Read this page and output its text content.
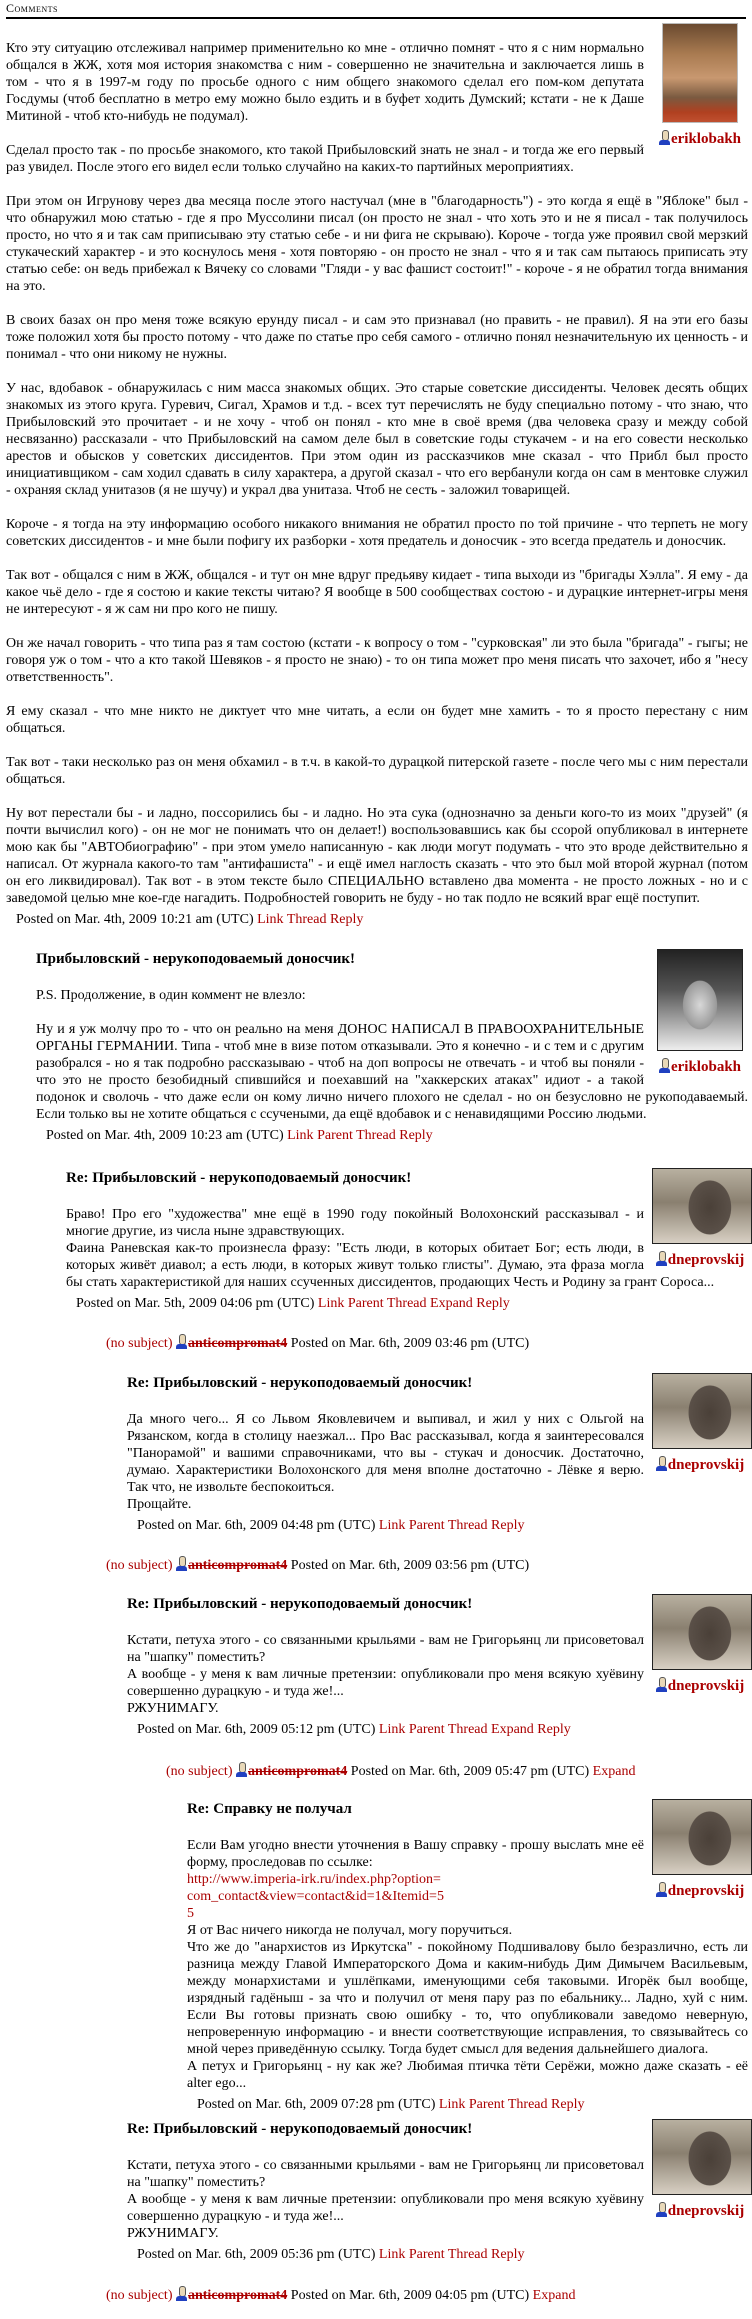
Comments
eriklobakh
Кто эту ситуацию отслеживал например применительно ко мне - отлично помнят - что я с ним нормально общался в ЖЖ, хотя моя история знакомства с ним - совершенно не значительна и заключается лишь в том - что я в 1997-м году по просьбе одного с ним общего знакомого сделал его пом-ком депутата Госдумы (чтоб бесплатно в метро ему можно было ездить и в буфет ходить Думский; кстати - не к Даше Митиной - чтоб кто-нибудь не подумал).

Сделал просто так - по просьбе знакомого, кто такой Прибыловский знать не знал - и тогда же его первый раз увидел. После этого его видел если только случайно на каких-то партийных мероприятиях.

При этом он Игрунову через два месяца после этого настучал (мне в "благодарность") - это когда я ещё в "Яблоке" был - что обнаружил мою статью - где я про Муссолини писал (он просто не знал - что хоть это и не я писал - так получилось просто, но что я и так сам приписываю эту статью себе - и ни фига не скрываю). Короче - тогда уже проявил свой мерзкий стукаческий характер - и это коснулось меня - хотя повторяю - он просто не знал - что я и так сам пытаюсь приписать эту статью себе: он ведь прибежал к Вячеку со словами "Гляди - у вас фашист состоит!" - короче - я не обратил тогда внимания на это.

В своих базах он про меня тоже всякую ерунду писал - и сам это признавал (но править - не правил). Я на эти его базы тоже положил хотя бы просто потому - что даже по статье про себя самого - отлично понял незначительную их ценность - и понимал - что они никому не нужны.

У нас, вдобавок - обнаружилась с ним масса знакомых общих. Это старые советские диссиденты. Человек десять общих знакомых из этого круга. Гуревич, Сигал, Храмов и т.д. - всех тут перечислять не буду специально потому - что знаю, что Прибыловский это прочитает - и не хочу - чтоб он понял - кто мне в своё время (два человека сразу и между собой несвязанно) рассказали - что Прибыловский на самом деле был в советские годы стукачем - и на его совести несколько арестов и обысков у советских диссидентов. При этом один из рассказчиков мне сказал - что Прибл был просто инициативщиком - сам ходил сдавать в силу характера, а другой сказал - что его вербанули когда он сам в ментовке служил - охраняя склад унитазов (я не шучу) и украл два унитаза. Чтоб не сесть - заложил товарищей.

Короче - я тогда на эту информацию особого никакого внимания не обратил просто по той причине - что терпеть не могу советских диссидентов - и мне были пофигу их разборки - хотя предатель и доносчик - это всегда предатель и доносчик.

Так вот - общался с ним в ЖЖ, общался - и тут он мне вдруг предьяву кидает - типа выходи из "бригады Хэлла". Я ему - да какое чьё дело - где я состою и какие тексты читаю? Я вообще в 500 сообществах состою - и дурацкие интернет-игры меня не интересуют - я ж сам ни про кого не пишу.

Он же начал говорить - что типа раз я там состою (кстати - к вопросу о том - "сурковская" ли это была "бригада" - гыгы; не говоря уж о том - что а кто такой Шевяков - я просто не знаю) - то он типа может про меня писать что захочет, ибо я "несу ответственность".

Я ему сказал - что мне никто не диктует что мне читать, а если он будет мне хамить - то я просто перестану с ним общаться.

Так вот - таки несколько раз он меня обхамил - в т.ч. в какой-то дурацкой питерской газете - после чего мы с ним перестали общаться.

Ну вот перестали бы - и ладно, поссорились бы - и ладно. Но эта сука (однозначно за деньги кого-то из моих "друзей" (я почти вычислил кого) - он не мог не понимать что он делает!) воспользовавшись как бы ссорой опубликовал в интернете мою как бы "АВТОбиографию" - при этом умело написанную - как люди могут подумать - что это вроде действительно я написал. От журнала какого-то там "антифашиста" - и ещё имел наглость сказать - что это был мой второй журнал (потом он его ликвидировал). Так вот - в этом тексте было СПЕЦИАЛЬНО вставлено два момента - не просто ложных - но и с заведомой целью мне кое-где нагадить. Подробностей говорить не буду - но так подло не всякий враг ещё поступит.
Posted on Mar. 4th, 2009 10:21 am (UTC) Link Thread Reply
eriklobakh
Прибыловский - нерукоподоваемый доносчик!
P.S. Продолжение, в один коммент не влезло:

Ну и я уж молчу про то - что он реально на меня ДОНОС НАПИСАЛ В ПРАВООХРАНИТЕЛЬНЫЕ ОРГАНЫ ГЕРМАНИИ. Типа - чтоб мне в визе потом отказывали. Это я конечно - и с тем и с другим разобрался - но я так подробно рассказываю - чтоб на доп вопросы не отвечать - и чтоб вы поняли - что это не просто безобидный спившийся и поехавший на "хаккерских атаках" идиот - а такой подонок и сволочь - что даже если он кому лично ничего плохого не сделал - но он безусловно не рукоподаваемый. Если только вы не хотите общаться с ссучеными, да ещё вдобавок и с ненавидящими Россию людьми.
Posted on Mar. 4th, 2009 10:23 am (UTC) Link Parent Thread Reply
dneprovskij
Re: Прибыловский - нерукоподоваемый доносчик!
Браво! Про его "художества" мне ещё в 1990 году покойный Волохонский рассказывал - и многие другие, из числа ныне здравствующих.
Фаина Раневская как-то произнесла фразу: "Есть люди, в которых обитает Бог; есть люди, в которых живёт диавол; а есть люди, в которых живут только глисты". Думаю, эта фраза могла бы стать характеристикой для наших ссученных диссидентов, продающих Честь и Родину за грант Сороса...
Posted on Mar. 5th, 2009 04:06 pm (UTC) Link Parent Thread Expand Reply
(no subject) anticompromat4 Posted on Mar. 6th, 2009 03:46 pm (UTC)
dneprovskij
Re: Прибыловский - нерукоподоваемый доносчик!
Да много чего... Я со Львом Яковлевичем и выпивал, и жил у них с Ольгой на Рязанском, когда в столицу наезжал... Про Вас рассказывал, когда я заинтересовался "Панорамой" и вашими справочниками, что вы - стукач и доносчик. Достаточно, думаю. Характеристики Волохонского для меня вполне достаточно - Лёвке я верю. Так что, не извольте беспокоиться.
Прощайте.
Posted on Mar. 6th, 2009 04:48 pm (UTC) Link Parent Thread Reply
(no subject) anticompromat4 Posted on Mar. 6th, 2009 03:56 pm (UTC)
dneprovskij
Re: Прибыловский - нерукоподоваемый доносчик!
Кстати, петуха этого - со связанными крыльями - вам не Григорьянц ли присоветовал на "шапку" поместить?
А вообще - у меня к вам личные претензии: опубликовали про меня всякую хуёвину совершенно дурацкую - и туда же!...
РЖУНИМАГУ.
Posted on Mar. 6th, 2009 05:12 pm (UTC) Link Parent Thread Expand Reply
(no subject) anticompromat4 Posted on Mar. 6th, 2009 05:47 pm (UTC) Expand
dneprovskij
Re: Справку не получал
Если Вам угодно внести уточнения в Вашу справку - прошу выслать мне её форму, проследовав по ссылке:
http://www.imperia-irk.ru/index.php?option=com_contact&view=contact&id=1&Itemid=55
Я от Вас ничего никогда не получал, могу поручиться.
Что же до "анархистов из Иркутска" - покойному Подшивалову было безразлично, есть ли разница между Главой Императорского Дома и каким-нибудь Дим Димычем Васильевым, между монархистами и ушлёпками, именующими себя таковыми. Игорёк был вообще, изрядный гадёныш - за что и получил от меня пару раз по ебальнику... Ладно, хуй с ним. Если Вы готовы признать свою ошибку - то, что опубликовали заведомо неверную, непроверенную информацию - и внести соответствующие исправления, то связывайтесь со мной через приведённую ссылку. Тогда будет смысл для ведения дальнейшего диалога.
А петух и Григорьянц - ну как же? Любимая птичка тёти Серёжи, можно даже сказать - её alter ego...
Posted on Mar. 6th, 2009 07:28 pm (UTC) Link Parent Thread Reply
dneprovskij
Re: Прибыловский - нерукоподоваемый доносчик!
Кстати, петуха этого - со связанными крыльями - вам не Григорьянц ли присоветовал на "шапку" поместить?
А вообще - у меня к вам личные претензии: опубликовали про меня всякую хуёвину совершенно дурацкую - и туда же!...
РЖУНИМАГУ.
Posted on Mar. 6th, 2009 05:36 pm (UTC) Link Parent Thread Reply
(no subject) anticompromat4 Posted on Mar. 6th, 2009 04:05 pm (UTC) Expand
